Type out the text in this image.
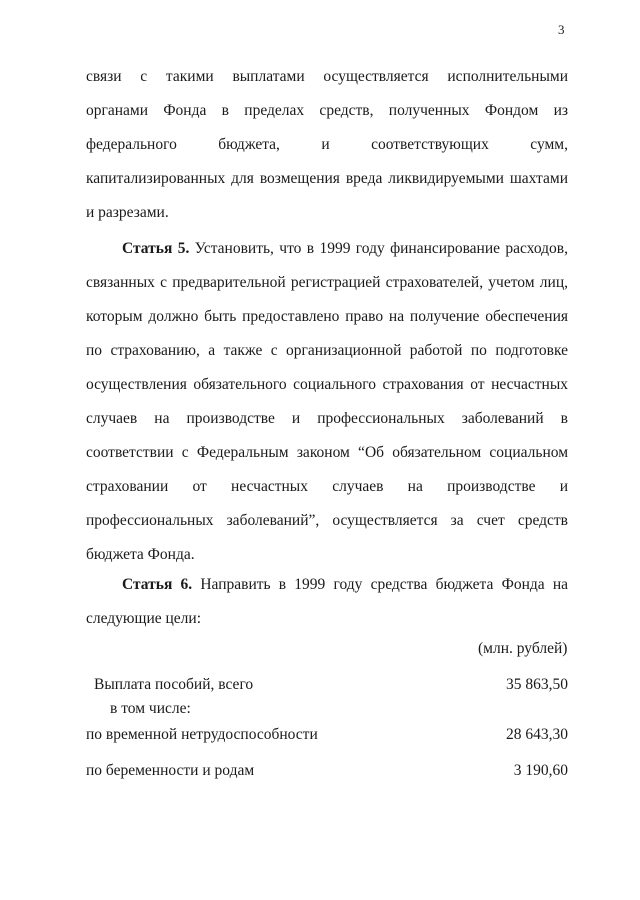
3
связи с такими выплатами осуществляется исполнительными
органами Фонда в пределах средств, полученных Фондом из
федерального бюджета, и соответствующих сумм,
капитализированных для возмещения вреда ликвидируемыми шахтами
и разрезами.
Статья 5. Установить, что в 1999 году финансирование расходов,
связанных с предварительной регистрацией страхователей, учетом лиц,
которым должно быть предоставлено право на получение обеспечения
по страхованию, а также с организационной работой по подготовке
осуществления обязательного социального страхования от несчастных
случаев на производстве и профессиональных заболеваний в
соответствии с Федеральным законом “Об обязательном социальном
страховании от несчастных случаев на производстве и
профессиональных заболеваний”, осуществляется за счет средств
бюджета Фонда.
Статья 6. Направить в 1999 году средства бюджета Фонда на
следующие цели:
(млн. рублей)
Выплата пособий, всего	35 863,50
в том числе:
по временной нетрудоспособности	28 643,30
по беременности и родам	3 190,60
